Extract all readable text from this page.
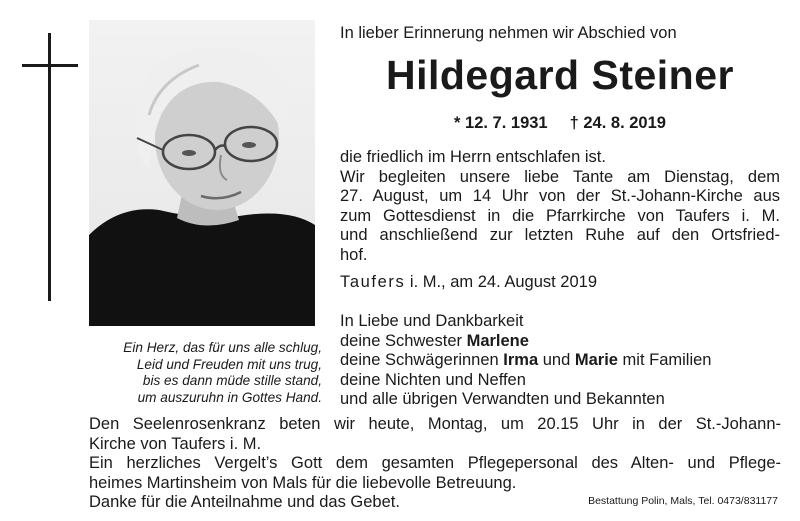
Ein Herz, das für uns alle schlug,
Leid und Freuden mit uns trug,
bis es dann müde stille stand,
um auszuruhn in Gottes Hand.
In lieber Erinnerung nehmen wir Abschied von
Hildegard Steiner
* 12. 7. 1931 † 24. 8. 2019
die friedlich im Herrn entschlafen ist.
Wir begleiten unsere liebe Tante am Dienstag, dem
27. August, um 14 Uhr von der St.-Johann-Kirche aus
zum Gottesdienst in die Pfarrkirche von Taufers i. M.
und anschließend zur letzten Ruhe auf den Ortsfried-
hof.
Taufers i. M., am 24. August 2019
In Liebe und Dankbarkeit
deine Schwester Marlene
deine Schwägerinnen Irma und Marie mit Familien
deine Nichten und Neffen
und alle übrigen Verwandten und Bekannten
Den Seelenrosenkranz beten wir heute, Montag, um 20.15 Uhr in der St.-Johann-
Kirche von Taufers i. M.
Ein herzliches Vergelt’s Gott dem gesamten Pflegepersonal des Alten- und Pflege-
heimes Martinsheim von Mals für die liebevolle Betreuung.
Danke für die Anteilnahme und das Gebet.	Bestattung Polin, Mals, Tel. 0473/831177
